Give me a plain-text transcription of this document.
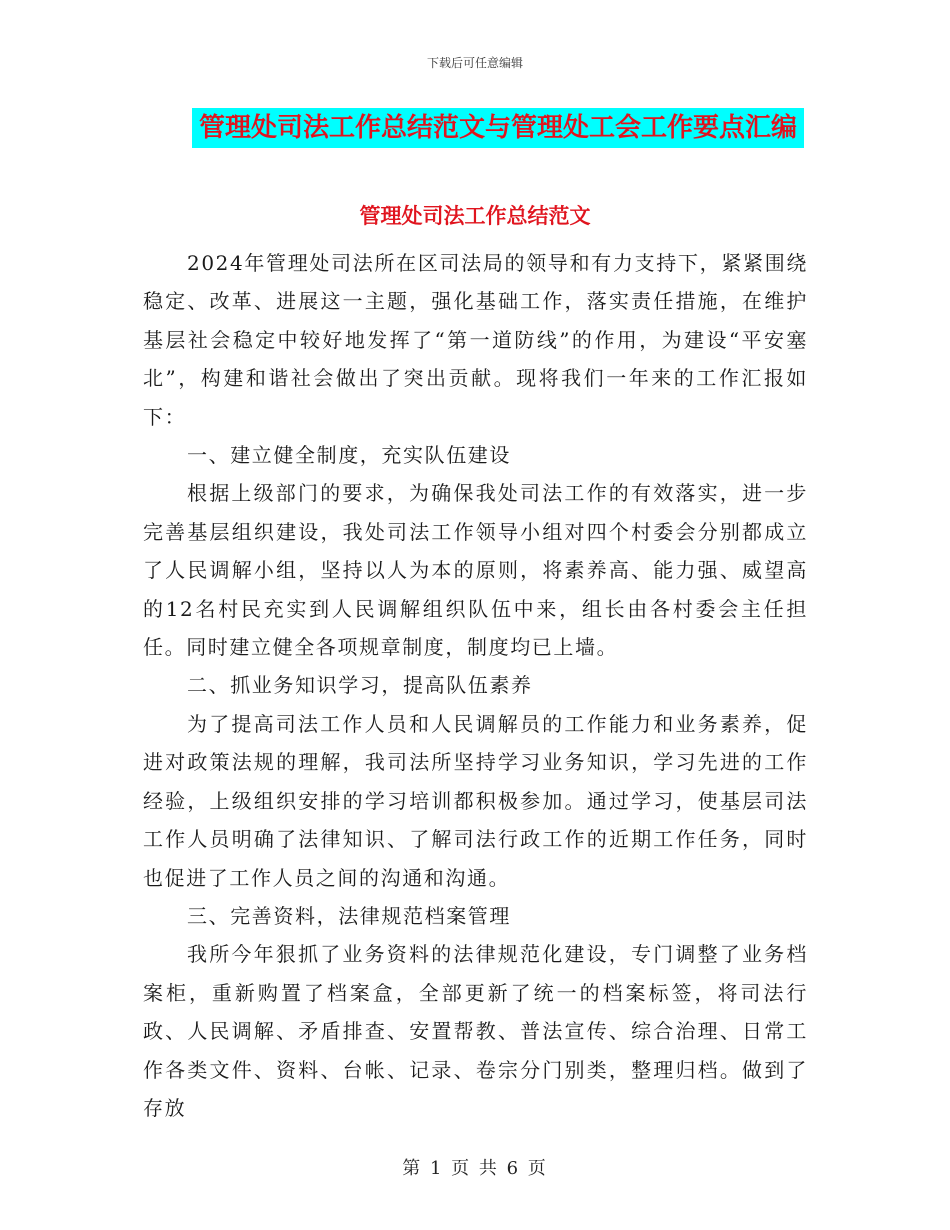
下载后可任意编辑
管理处司法工作总结范文与管理处工会工作要点汇编
管理处司法工作总结范文

2024年管理处司法所在区司法局的领导和有力支持下，紧紧围绕稳定、改革、进展这一主题，强化基础工作，落实责任措施，在维护基层社会稳定中较好地发挥了“第一道防线”的作用，为建设“平安塞北”，构建和谐社会做出了突出贡献。现将我们一年来的工作汇报如下：

一、建立健全制度，充实队伍建设

根据上级部门的要求，为确保我处司法工作的有效落实，进一步完善基层组织建设，我处司法工作领导小组对四个村委会分别都成立了人民调解小组，坚持以人为本的原则，将素养高、能力强、威望高的12名村民充实到人民调解组织队伍中来，组长由各村委会主任担任。同时建立健全各项规章制度，制度均已上墙。

二、抓业务知识学习，提高队伍素养

为了提高司法工作人员和人民调解员的工作能力和业务素养，促进对政策法规的理解，我司法所坚持学习业务知识，学习先进的工作经验，上级组织安排的学习培训都积极参加。通过学习，使基层司法工作人员明确了法律知识、了解司法行政工作的近期工作任务，同时也促进了工作人员之间的沟通和沟通。

三、完善资料，法律规范档案管理

我所今年狠抓了业务资料的法律规范化建设，专门调整了业务档案柜，重新购置了档案盒，全部更新了统一的档案标签，将司法行政、人民调解、矛盾排查、安置帮教、普法宣传、综合治理、日常工作各类文件、资料、台帐、记录、卷宗分门别类，整理归档。做到了存放

第 1 页 共 6 页
